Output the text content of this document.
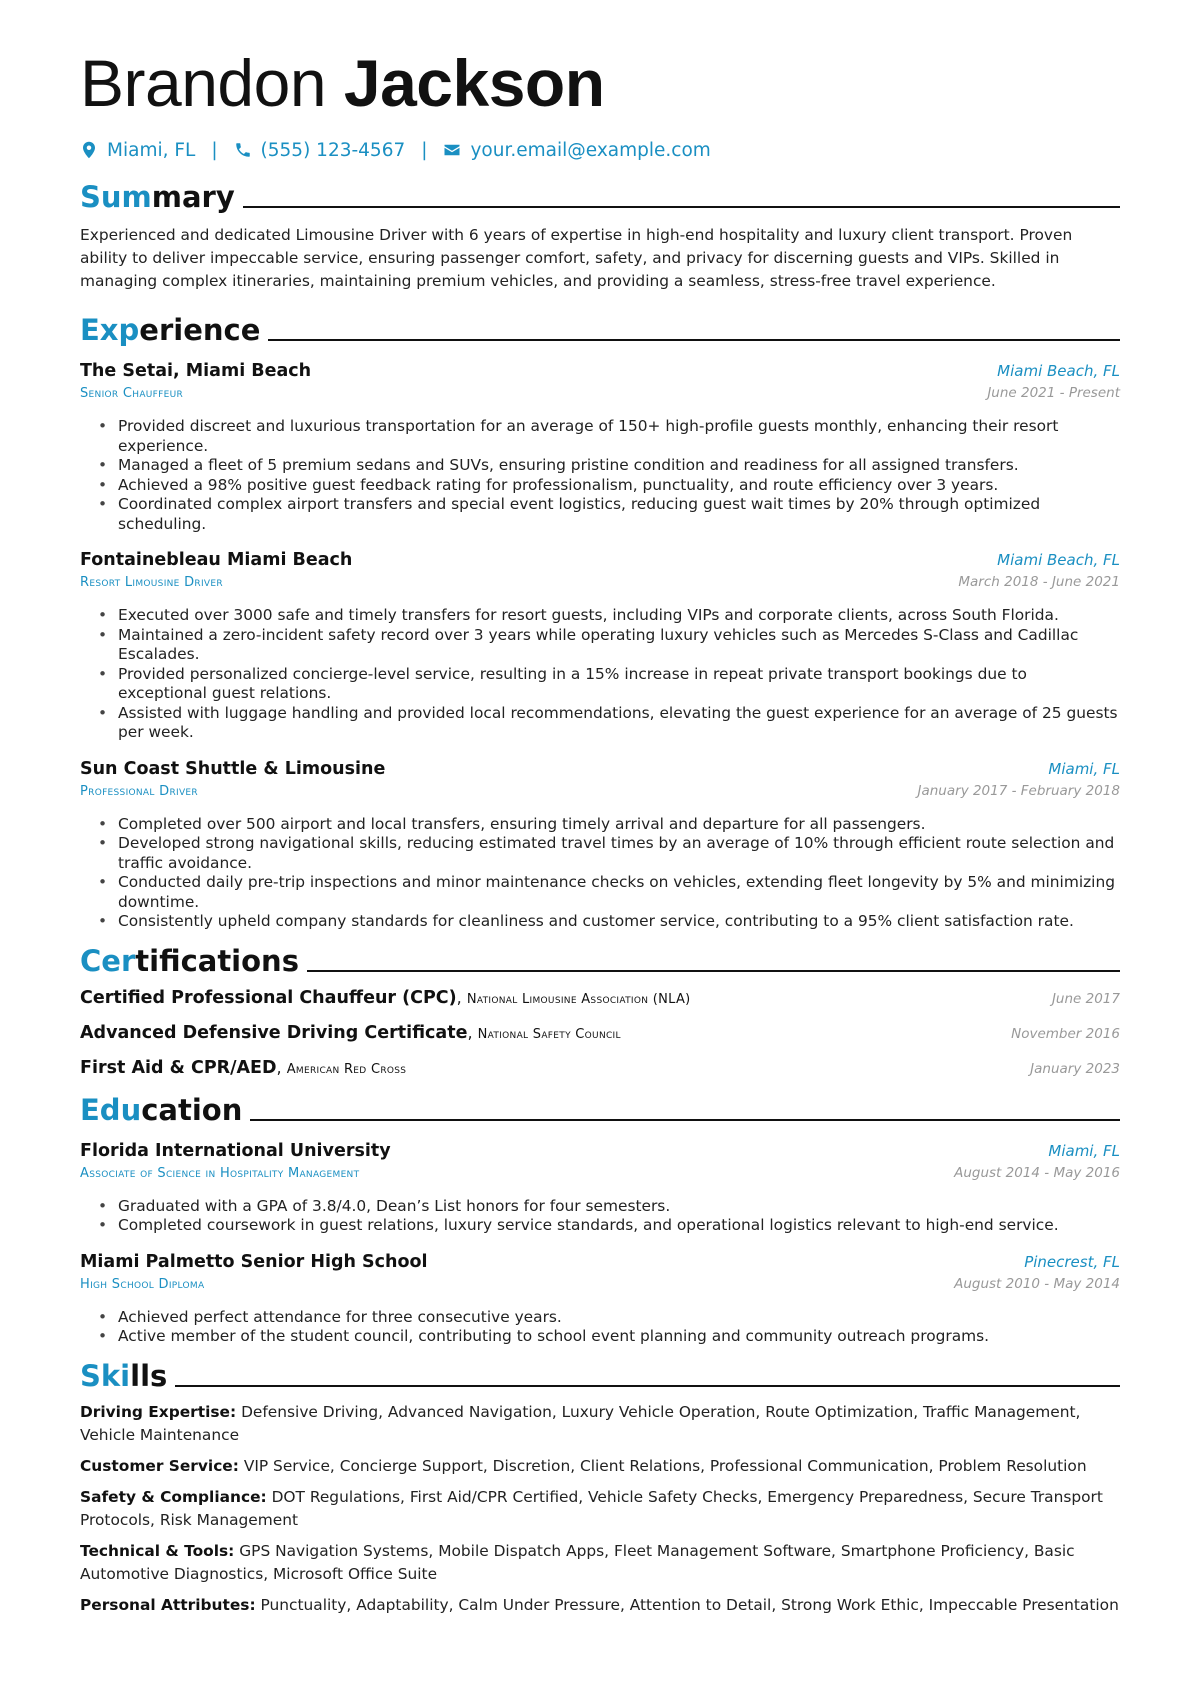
Brandon Jackson
Miami, FL | (555) 123-4567 | your.email@example.com
Summary
Experienced and dedicated Limousine Driver with 6 years of expertise in high-end hospitality and luxury client transport. Proven ability to deliver impeccable service, ensuring passenger comfort, safety, and privacy for discerning guests and VIPs. Skilled in managing complex itineraries, maintaining premium vehicles, and providing a seamless, stress-free travel experience.
Experience
The Setai, Miami Beach	Miami Beach, FL
Senior Chauffeur	June 2021 - Present
• Provided discreet and luxurious transportation for an average of 150+ high-profile guests monthly, enhancing their resort experience.
• Managed a fleet of 5 premium sedans and SUVs, ensuring pristine condition and readiness for all assigned transfers.
• Achieved a 98% positive guest feedback rating for professionalism, punctuality, and route efficiency over 3 years.
• Coordinated complex airport transfers and special event logistics, reducing guest wait times by 20% through optimized scheduling.
Fontainebleau Miami Beach	Miami Beach, FL
Resort Limousine Driver	March 2018 - June 2021
• Executed over 3000 safe and timely transfers for resort guests, including VIPs and corporate clients, across South Florida.
• Maintained a zero-incident safety record over 3 years while operating luxury vehicles such as Mercedes S-Class and Cadillac Escalades.
• Provided personalized concierge-level service, resulting in a 15% increase in repeat private transport bookings due to exceptional guest relations.
• Assisted with luggage handling and provided local recommendations, elevating the guest experience for an average of 25 guests per week.
Sun Coast Shuttle & Limousine	Miami, FL
Professional Driver	January 2017 - February 2018
• Completed over 500 airport and local transfers, ensuring timely arrival and departure for all passengers.
• Developed strong navigational skills, reducing estimated travel times by an average of 10% through efficient route selection and traffic avoidance.
• Conducted daily pre-trip inspections and minor maintenance checks on vehicles, extending fleet longevity by 5% and minimizing downtime.
• Consistently upheld company standards for cleanliness and customer service, contributing to a 95% client satisfaction rate.
Certifications
Certified Professional Chauffeur (CPC), National Limousine Association (NLA)	June 2017
Advanced Defensive Driving Certificate, National Safety Council	November 2016
First Aid & CPR/AED, American Red Cross	January 2023
Education
Florida International University	Miami, FL
Associate of Science in Hospitality Management	August 2014 - May 2016
• Graduated with a GPA of 3.8/4.0, Dean’s List honors for four semesters.
• Completed coursework in guest relations, luxury service standards, and operational logistics relevant to high-end service.
Miami Palmetto Senior High School	Pinecrest, FL
High School Diploma	August 2010 - May 2014
• Achieved perfect attendance for three consecutive years.
• Active member of the student council, contributing to school event planning and community outreach programs.
Skills
Driving Expertise: Defensive Driving, Advanced Navigation, Luxury Vehicle Operation, Route Optimization, Traffic Management, Vehicle Maintenance
Customer Service: VIP Service, Concierge Support, Discretion, Client Relations, Professional Communication, Problem Resolution
Safety & Compliance: DOT Regulations, First Aid/CPR Certified, Vehicle Safety Checks, Emergency Preparedness, Secure Transport Protocols, Risk Management
Technical & Tools: GPS Navigation Systems, Mobile Dispatch Apps, Fleet Management Software, Smartphone Proficiency, Basic Automotive Diagnostics, Microsoft Office Suite
Personal Attributes: Punctuality, Adaptability, Calm Under Pressure, Attention to Detail, Strong Work Ethic, Impeccable Presentation
